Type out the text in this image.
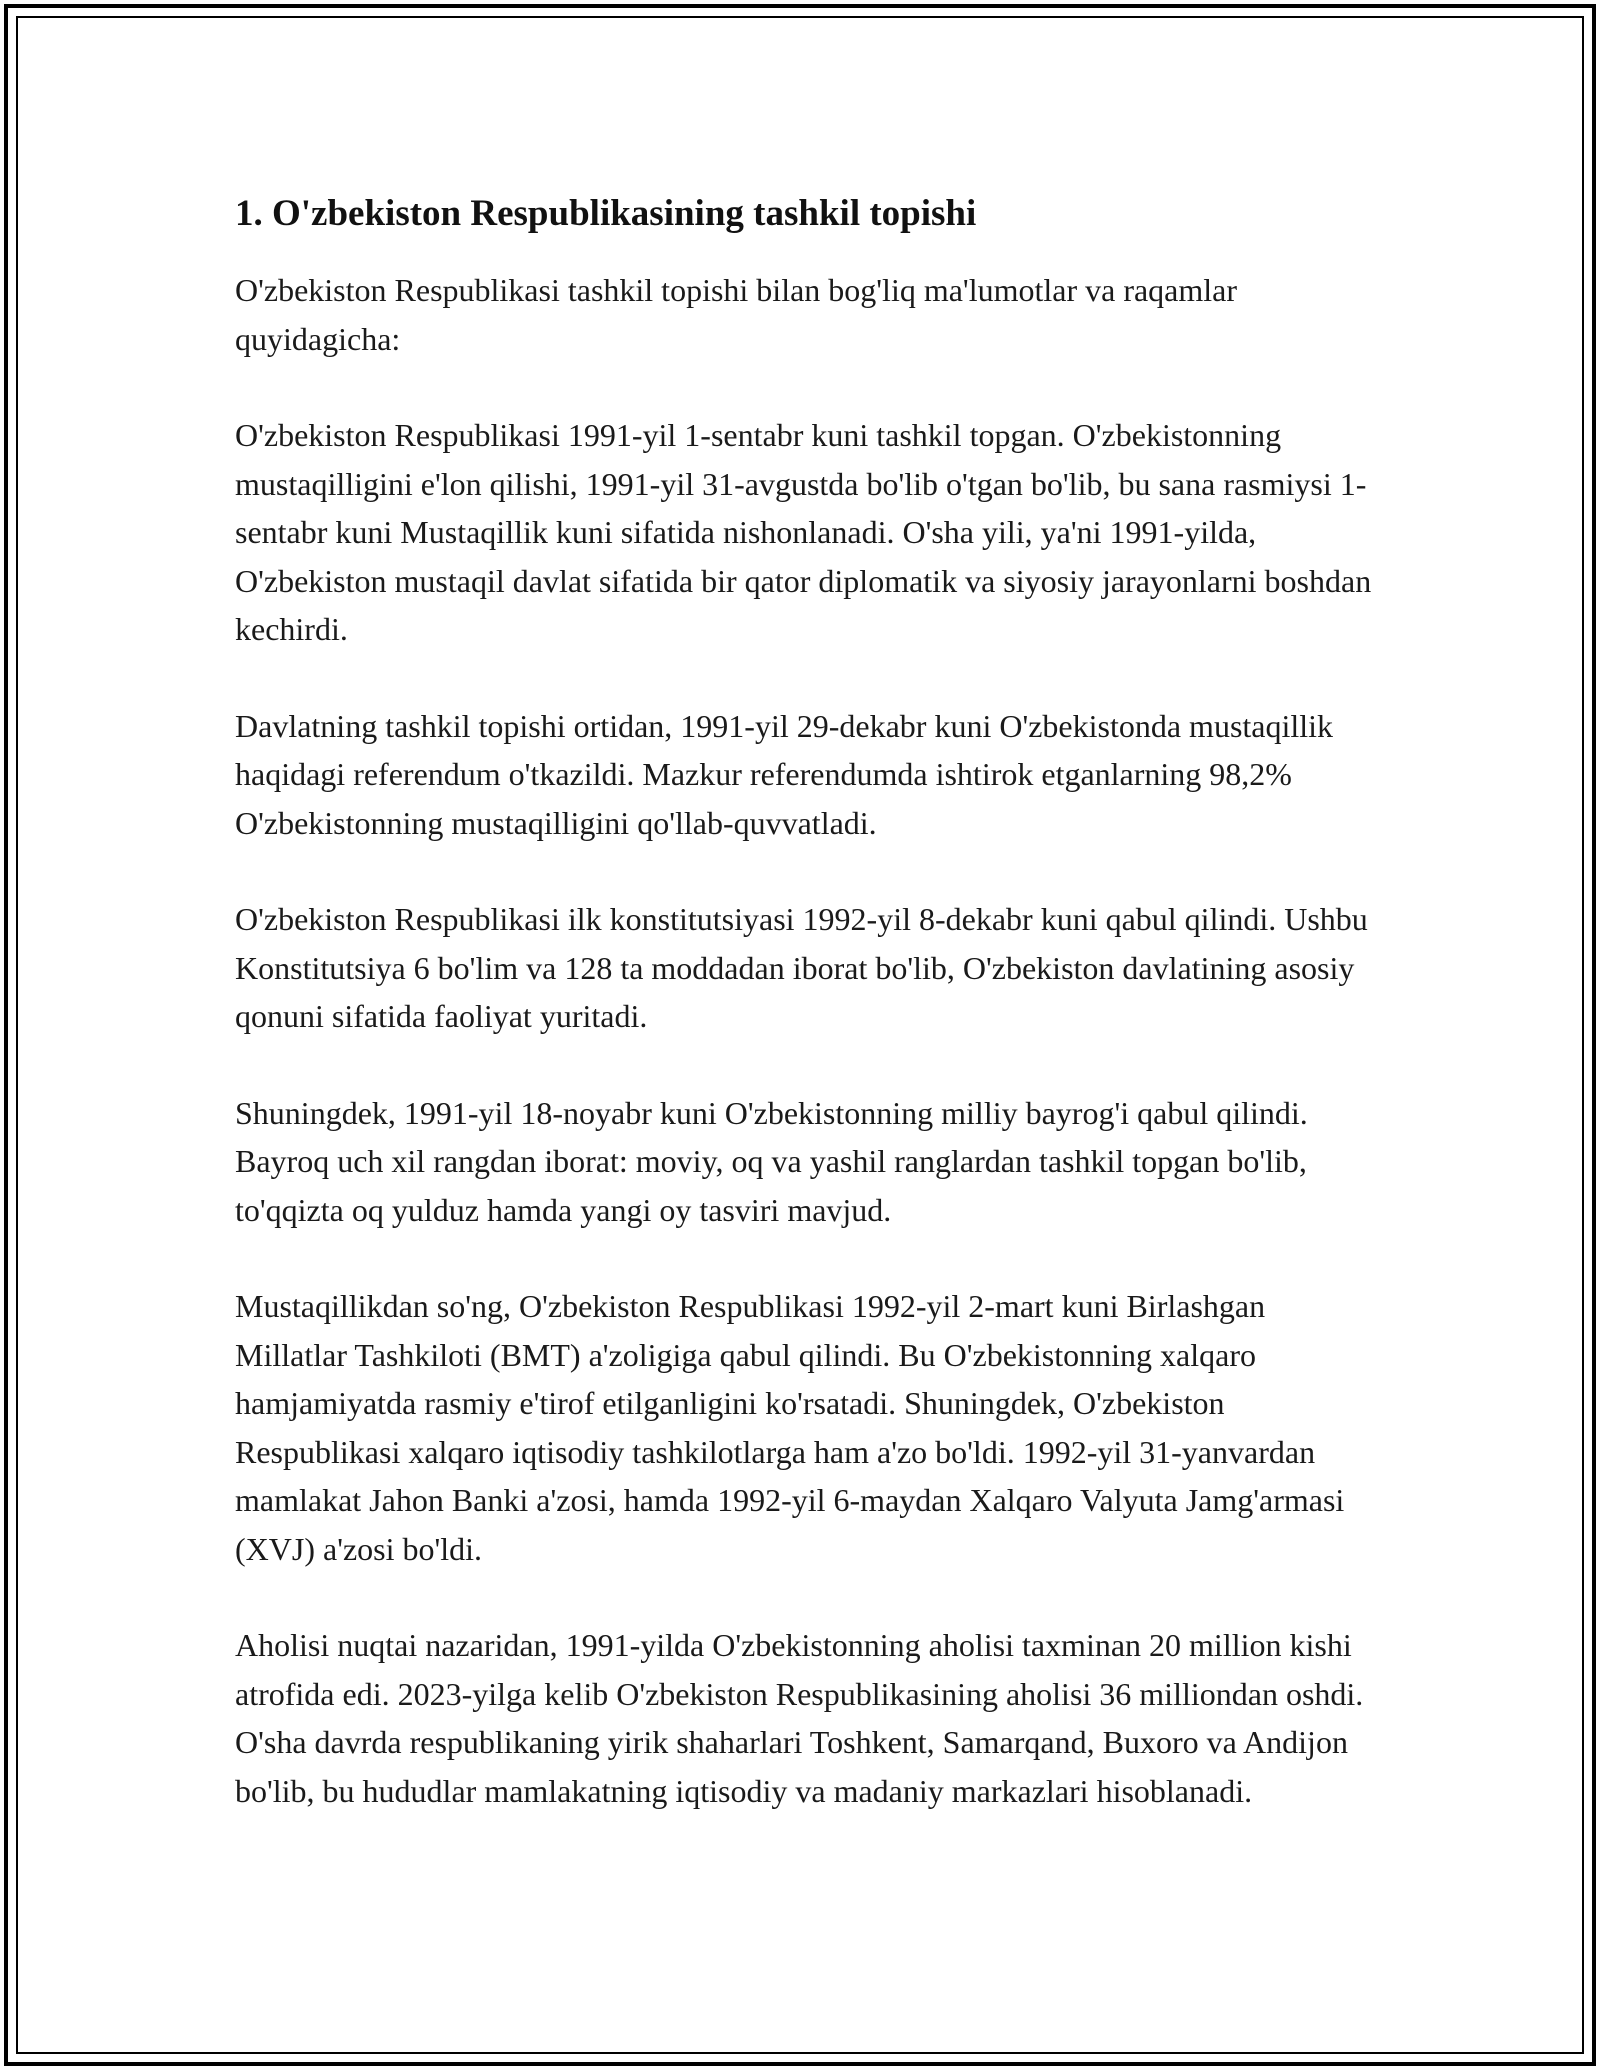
1. O'zbekiston Respublikasining tashkil topishi

O'zbekiston Respublikasi tashkil topishi bilan bog'liq ma'lumotlar va raqamlar quyidagicha:

O'zbekiston Respublikasi 1991-yil 1-sentabr kuni tashkil topgan. O'zbekistonning mustaqilligini e'lon qilishi, 1991-yil 31-avgustda bo'lib o'tgan bo'lib, bu sana rasmiysi 1-sentabr kuni Mustaqillik kuni sifatida nishonlanadi. O'sha yili, ya'ni 1991-yilda, O'zbekiston mustaqil davlat sifatida bir qator diplomatik va siyosiy jarayonlarni boshdan kechirdi.

Davlatning tashkil topishi ortidan, 1991-yil 29-dekabr kuni O'zbekistonda mustaqillik haqidagi referendum o'tkazildi. Mazkur referendumda ishtirok etganlarning 98,2% O'zbekistonning mustaqilligini qo'llab-quvvatladi.

O'zbekiston Respublikasi ilk konstitutsiyasi 1992-yil 8-dekabr kuni qabul qilindi. Ushbu Konstitutsiya 6 bo'lim va 128 ta moddadan iborat bo'lib, O'zbekiston davlatining asosiy qonuni sifatida faoliyat yuritadi.

Shuningdek, 1991-yil 18-noyabr kuni O'zbekistonning milliy bayrog'i qabul qilindi. Bayroq uch xil rangdan iborat: moviy, oq va yashil ranglardan tashkil topgan bo'lib, to'qqizta oq yulduz hamda yangi oy tasviri mavjud.

Mustaqillikdan so'ng, O'zbekiston Respublikasi 1992-yil 2-mart kuni Birlashgan Millatlar Tashkiloti (BMT) a'zoligiga qabul qilindi. Bu O'zbekistonning xalqaro hamjamiyatda rasmiy e'tirof etilganligini ko'rsatadi. Shuningdek, O'zbekiston Respublikasi xalqaro iqtisodiy tashkilotlarga ham a'zo bo'ldi. 1992-yil 31-yanvardan mamlakat Jahon Banki a'zosi, hamda 1992-yil 6-maydan Xalqaro Valyuta Jamg'armasi (XVJ) a'zosi bo'ldi.

Aholisi nuqtai nazaridan, 1991-yilda O'zbekistonning aholisi taxminan 20 million kishi atrofida edi. 2023-yilga kelib O'zbekiston Respublikasining aholisi 36 milliondan oshdi. O'sha davrda respublikaning yirik shaharlari Toshkent, Samarqand, Buxoro va Andijon bo'lib, bu hududlar mamlakatning iqtisodiy va madaniy markazlari hisoblanadi.
